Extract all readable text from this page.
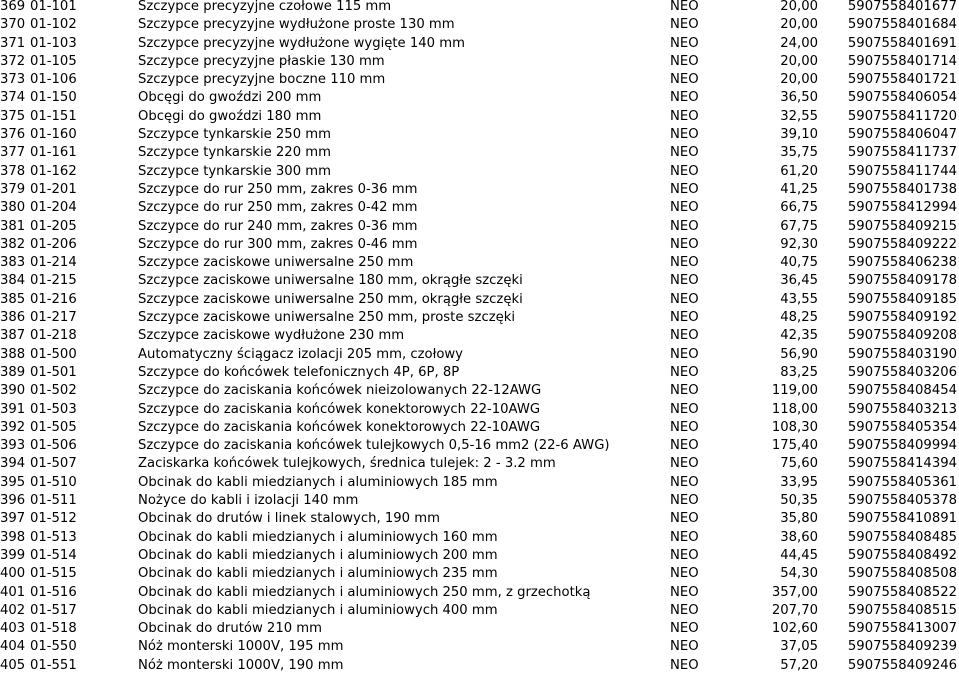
369 01-101	Szczypce precyzyjne czołowe 115 mm	NEO	20,00	5907558401677
370 01-102	Szczypce precyzyjne wydłużone proste 130 mm	NEO	20,00	5907558401684
371 01-103	Szczypce precyzyjne wydłużone wygięte 140 mm	NEO	24,00	5907558401691
372 01-105	Szczypce precyzyjne płaskie 130 mm	NEO	20,00	5907558401714
373 01-106	Szczypce precyzyjne boczne 110 mm	NEO	20,00	5907558401721
374 01-150	Obcęgi do gwoździ 200 mm	NEO	36,50	5907558406054
375 01-151	Obcęgi do gwoździ 180 mm	NEO	32,55	5907558411720
376 01-160	Szczypce tynkarskie 250 mm	NEO	39,10	5907558406047
377 01-161	Szczypce tynkarskie 220 mm	NEO	35,75	5907558411737
378 01-162	Szczypce tynkarskie 300 mm	NEO	61,20	5907558411744
379 01-201	Szczypce do rur 250 mm, zakres 0-36 mm	NEO	41,25	5907558401738
380 01-204	Szczypce do rur 250 mm, zakres 0-42 mm	NEO	66,75	5907558412994
381 01-205	Szczypce do rur 240 mm, zakres 0-36 mm	NEO	67,75	5907558409215
382 01-206	Szczypce do rur 300 mm, zakres 0-46 mm	NEO	92,30	5907558409222
383 01-214	Szczypce zaciskowe uniwersalne 250 mm	NEO	40,75	5907558406238
384 01-215	Szczypce zaciskowe uniwersalne 180 mm, okrągłe szczęki	NEO	36,45	5907558409178
385 01-216	Szczypce zaciskowe uniwersalne 250 mm, okrągłe szczęki	NEO	43,55	5907558409185
386 01-217	Szczypce zaciskowe uniwersalne 250 mm, proste szczęki	NEO	48,25	5907558409192
387 01-218	Szczypce zaciskowe wydłużone 230 mm	NEO	42,35	5907558409208
388 01-500	Automatyczny ściągacz izolacji 205 mm, czołowy	NEO	56,90	5907558403190
389 01-501	Szczypce do końcówek telefonicznych 4P, 6P, 8P	NEO	83,25	5907558403206
390 01-502	Szczypce do zaciskania końcówek nieizolowanych 22-12AWG	NEO	119,00	5907558408454
391 01-503	Szczypce do zaciskania końcówek konektorowych 22-10AWG	NEO	118,00	5907558403213
392 01-505	Szczypce do zaciskania końcówek konektorowych 22-10AWG	NEO	108,30	5907558405354
393 01-506	Szczypce do zaciskania końcówek tulejkowych 0,5-16 mm2 (22-6 AWG)	NEO	175,40	5907558409994
394 01-507	Zaciskarka końcówek tulejkowych, średnica tulejek: 2 - 3.2 mm	NEO	75,60	5907558414394
395 01-510	Obcinak do kabli miedzianych i aluminiowych 185 mm	NEO	33,95	5907558405361
396 01-511	Nożyce do kabli i izolacji 140 mm	NEO	50,35	5907558405378
397 01-512	Obcinak do drutów i linek stalowych, 190 mm	NEO	35,80	5907558410891
398 01-513	Obcinak do kabli miedzianych i aluminiowych 160 mm	NEO	38,60	5907558408485
399 01-514	Obcinak do kabli miedzianych i aluminiowych 200 mm	NEO	44,45	5907558408492
400 01-515	Obcinak do kabli miedzianych i aluminiowych 235 mm	NEO	54,30	5907558408508
401 01-516	Obcinak do kabli miedzianych i aluminiowych 250 mm, z grzechotką	NEO	357,00	5907558408522
402 01-517	Obcinak do kabli miedzianych i aluminiowych 400 mm	NEO	207,70	5907558408515
403 01-518	Obcinak do drutów 210 mm	NEO	102,60	5907558413007
404 01-550	Nóż monterski 1000V, 195 mm	NEO	37,05	5907558409239
405 01-551	Nóż monterski 1000V, 190 mm	NEO	57,20	5907558409246
